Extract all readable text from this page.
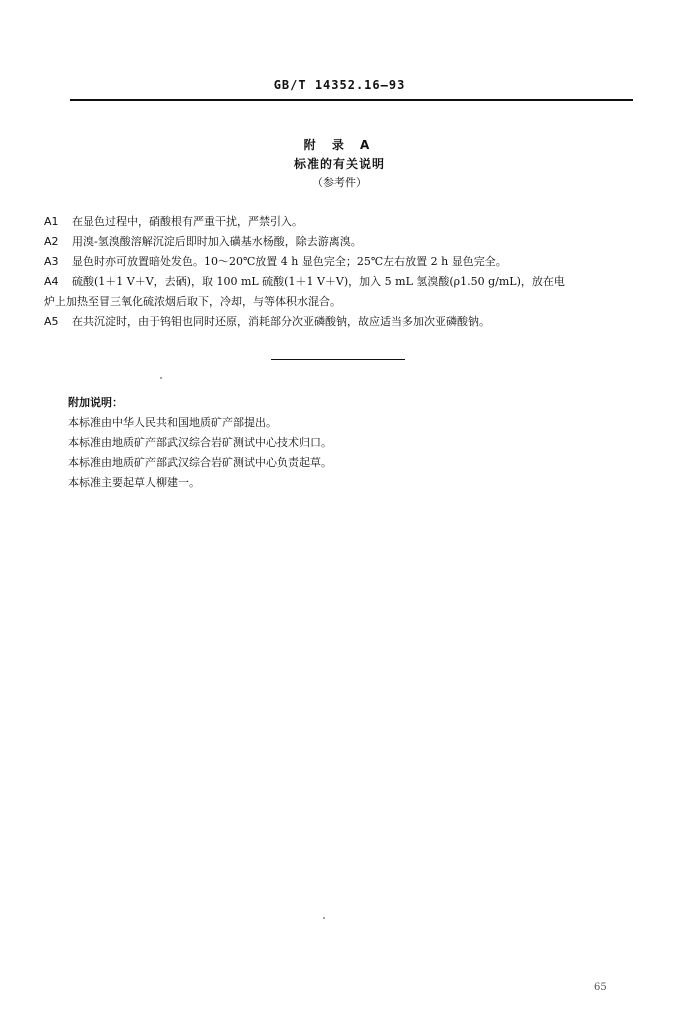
GB/T 14352.16—93
附 录 A
标准的有关说明
（参考件）
A1	在显色过程中，硝酸根有严重干扰，严禁引入。
A2	用溴-氢溴酸溶解沉淀后即时加入磺基水杨酸，除去游离溴。
A3	显色时亦可放置暗处发色。10～20℃放置 4 h 显色完全；25℃左右放置 2 h 显色完全。
A4	硫酸(1＋1 V＋V，去硒)，取 100 mL 硫酸(1＋1 V＋V)，加入 5 mL 氢溴酸(ρ1.50 g/mL)，放在电
炉上加热至冒三氧化硫浓烟后取下，冷却，与等体积水混合。
A5	在共沉淀时，由于钨钼也同时还原，消耗部分次亚磷酸钠，故应适当多加次亚磷酸钠。
附加说明：
本标准由中华人民共和国地质矿产部提出。
本标准由地质矿产部武汉综合岩矿测试中心技术归口。
本标准由地质矿产部武汉综合岩矿测试中心负责起草。
本标准主要起草人柳建一。
65
